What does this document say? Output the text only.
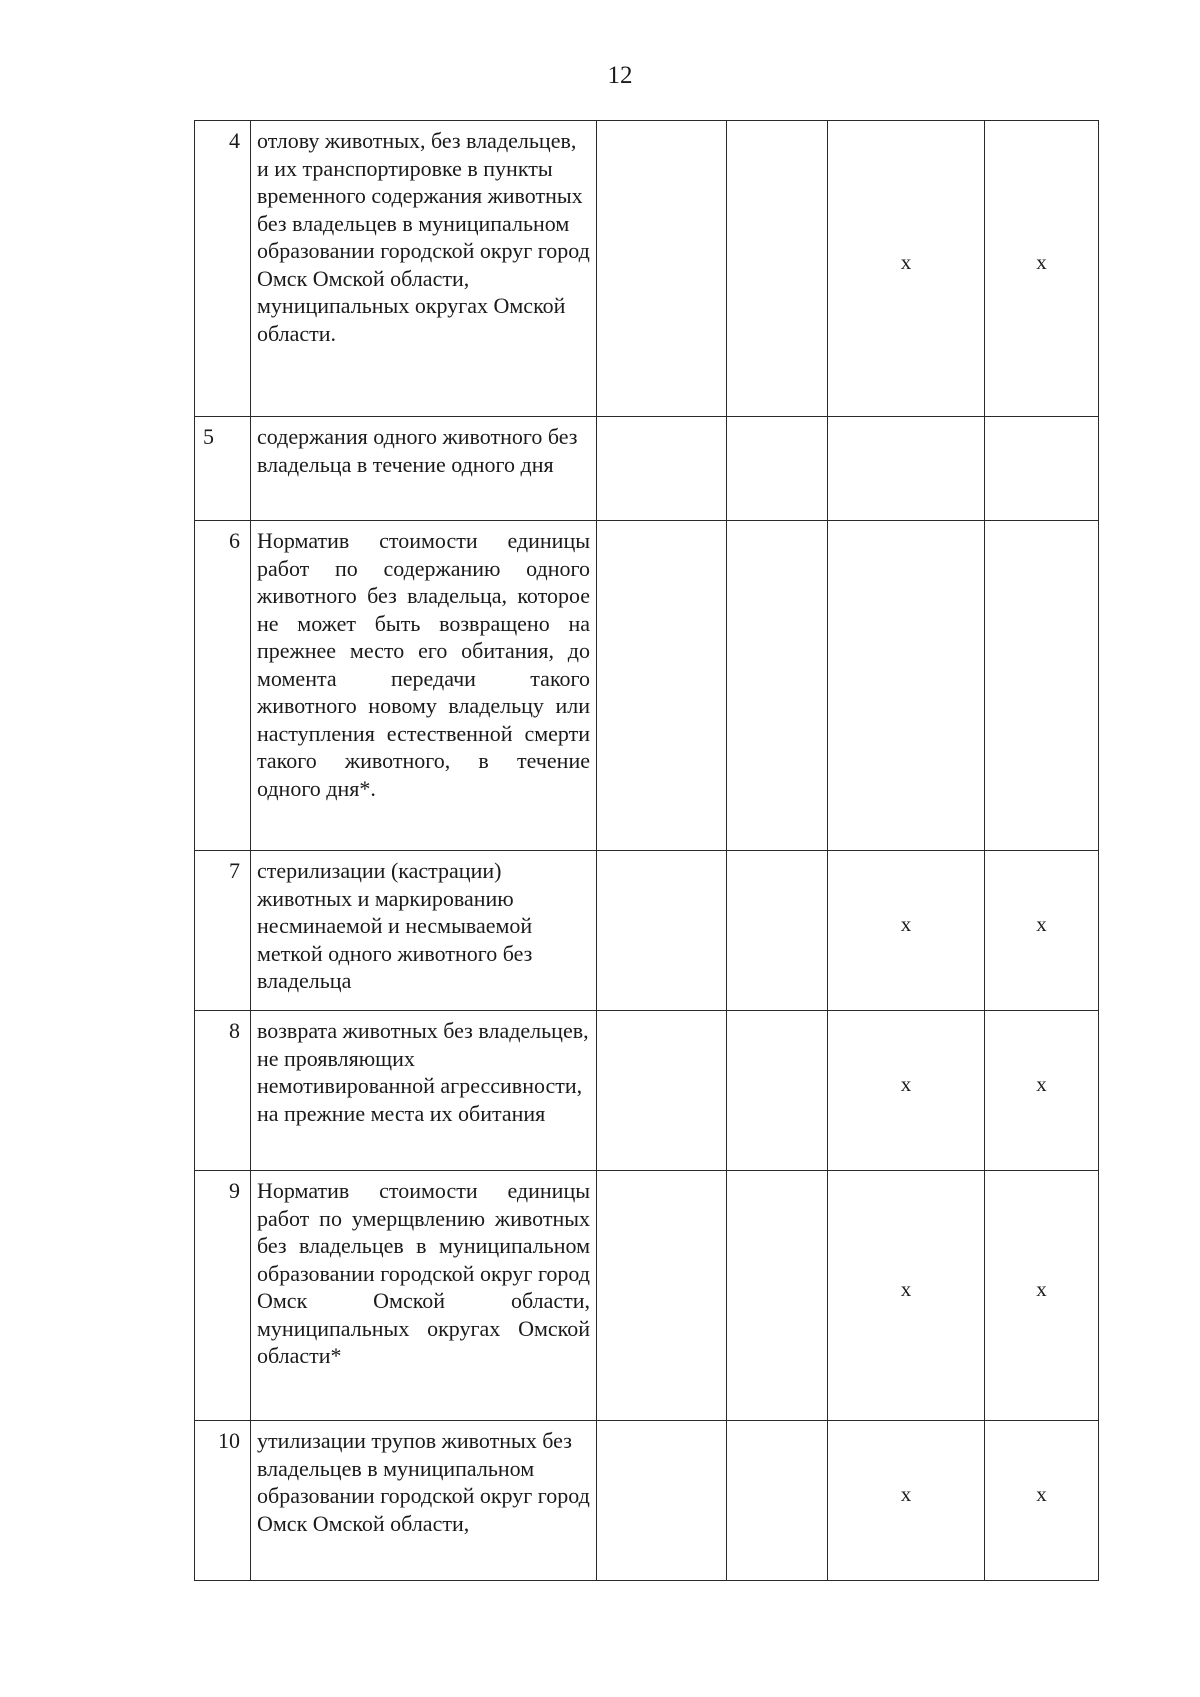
12
4	отлову животных, без владельцев, и их транспортировке в пункты временного содержания животных без владельцев в муниципальном образовании городской округ город Омск Омской области, муниципальных округах Омской области.			x	x
5	содержания одного животного без владельца в течение одного дня				
6	Норматив стоимости единицы работ по содержанию одного животного без владельца, которое не может быть возвращено на прежнее место его обитания, до момента передачи такого животного новому владельцу или наступления естественной смерти такого животного, в течение одного дня*.				
7	стерилизации (кастрации) животных и маркированию несминаемой и несмываемой меткой одного животного без владельца			x	x
8	возврата животных без владельцев, не проявляющих немотивированной агрессивности, на прежние места их обитания			x	x
9	Норматив стоимости единицы работ по умерщвлению животных без владельцев в муниципальном образовании городской округ город Омск Омской области, муниципальных округах Омской области*			x	x
10	утилизации трупов животных без владельцев в муниципальном образовании городской округ город Омск Омской области,			x	x
